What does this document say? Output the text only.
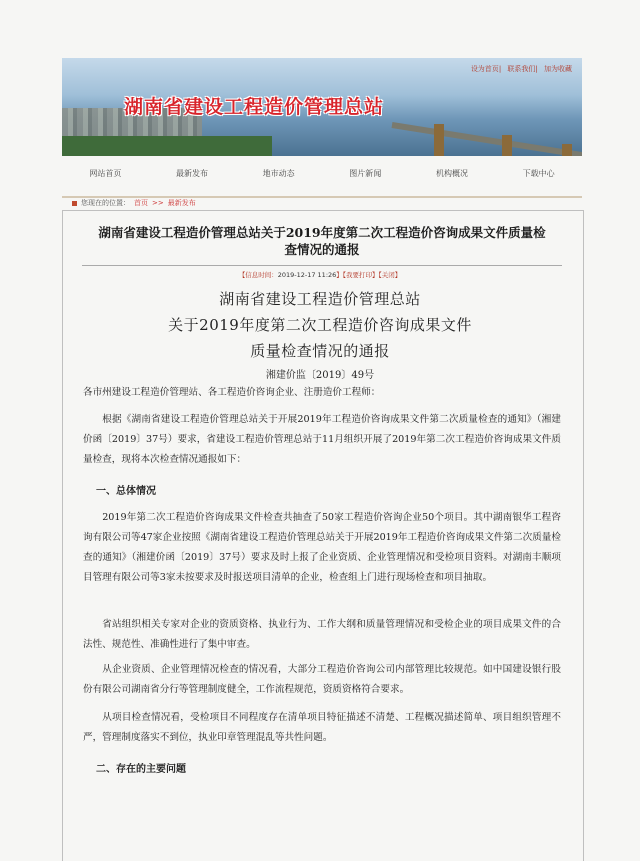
湖南省建设工程造价管理总站
设为首页| 联系我们| 加为收藏
网站首页	最新发布	地市动态	图片新闻	机构概况	下载中心
您现在的位置： 首页 >> 最新发布
湖南省建设工程造价管理总站关于2019年度第二次工程造价咨询成果文件质量检
查情况的通报
【信息时间：2019-12-17 11:26】【我要打印】【关闭】
湖南省建设工程造价管理总站
关于2019年度第二次工程造价咨询成果文件
质量检查情况的通报
湘建价监〔2019〕49号
各市州建设工程造价管理站、各工程造价咨询企业、注册造价工程师：
根据《湖南省建设工程造价管理总站关于开展2019年工程造价咨询成果文件第二次质量检查的通知》（湘建价函〔2019〕37号）要求，省建设工程造价管理总站于11月组织开展了2019年第二次工程造价咨询成果文件质量检查，现将本次检查情况通报如下：
一、总体情况
2019年第二次工程造价咨询成果文件检查共抽查了50家工程造价咨询企业50个项目。其中湖南银华工程咨询有限公司等47家企业按照《湖南省建设工程造价管理总站关于开展2019年工程造价咨询成果文件第二次质量检查的通知》（湘建价函〔2019〕37号）要求及时上报了企业资质、企业管理情况和受检项目资料。对湖南丰顺项目管理有限公司等3家未按要求及时报送项目清单的企业，检查组上门进行现场检查和项目抽取。
省站组织相关专家对企业的资质资格、执业行为、工作大纲和质量管理情况和受检企业的项目成果文件的合法性、规范性、准确性进行了集中审查。
从企业资质、企业管理情况检查的情况看，大部分工程造价咨询公司内部管理比较规范。如中国建设银行股份有限公司湖南省分行等管理制度健全，工作流程规范，资质资格符合要求。
从项目检查情况看，受检项目不同程度存在清单项目特征描述不清楚、工程概况描述简单、项目组织管理不严，管理制度落实不到位，执业印章管理混乱等共性问题。
二、存在的主要问题
